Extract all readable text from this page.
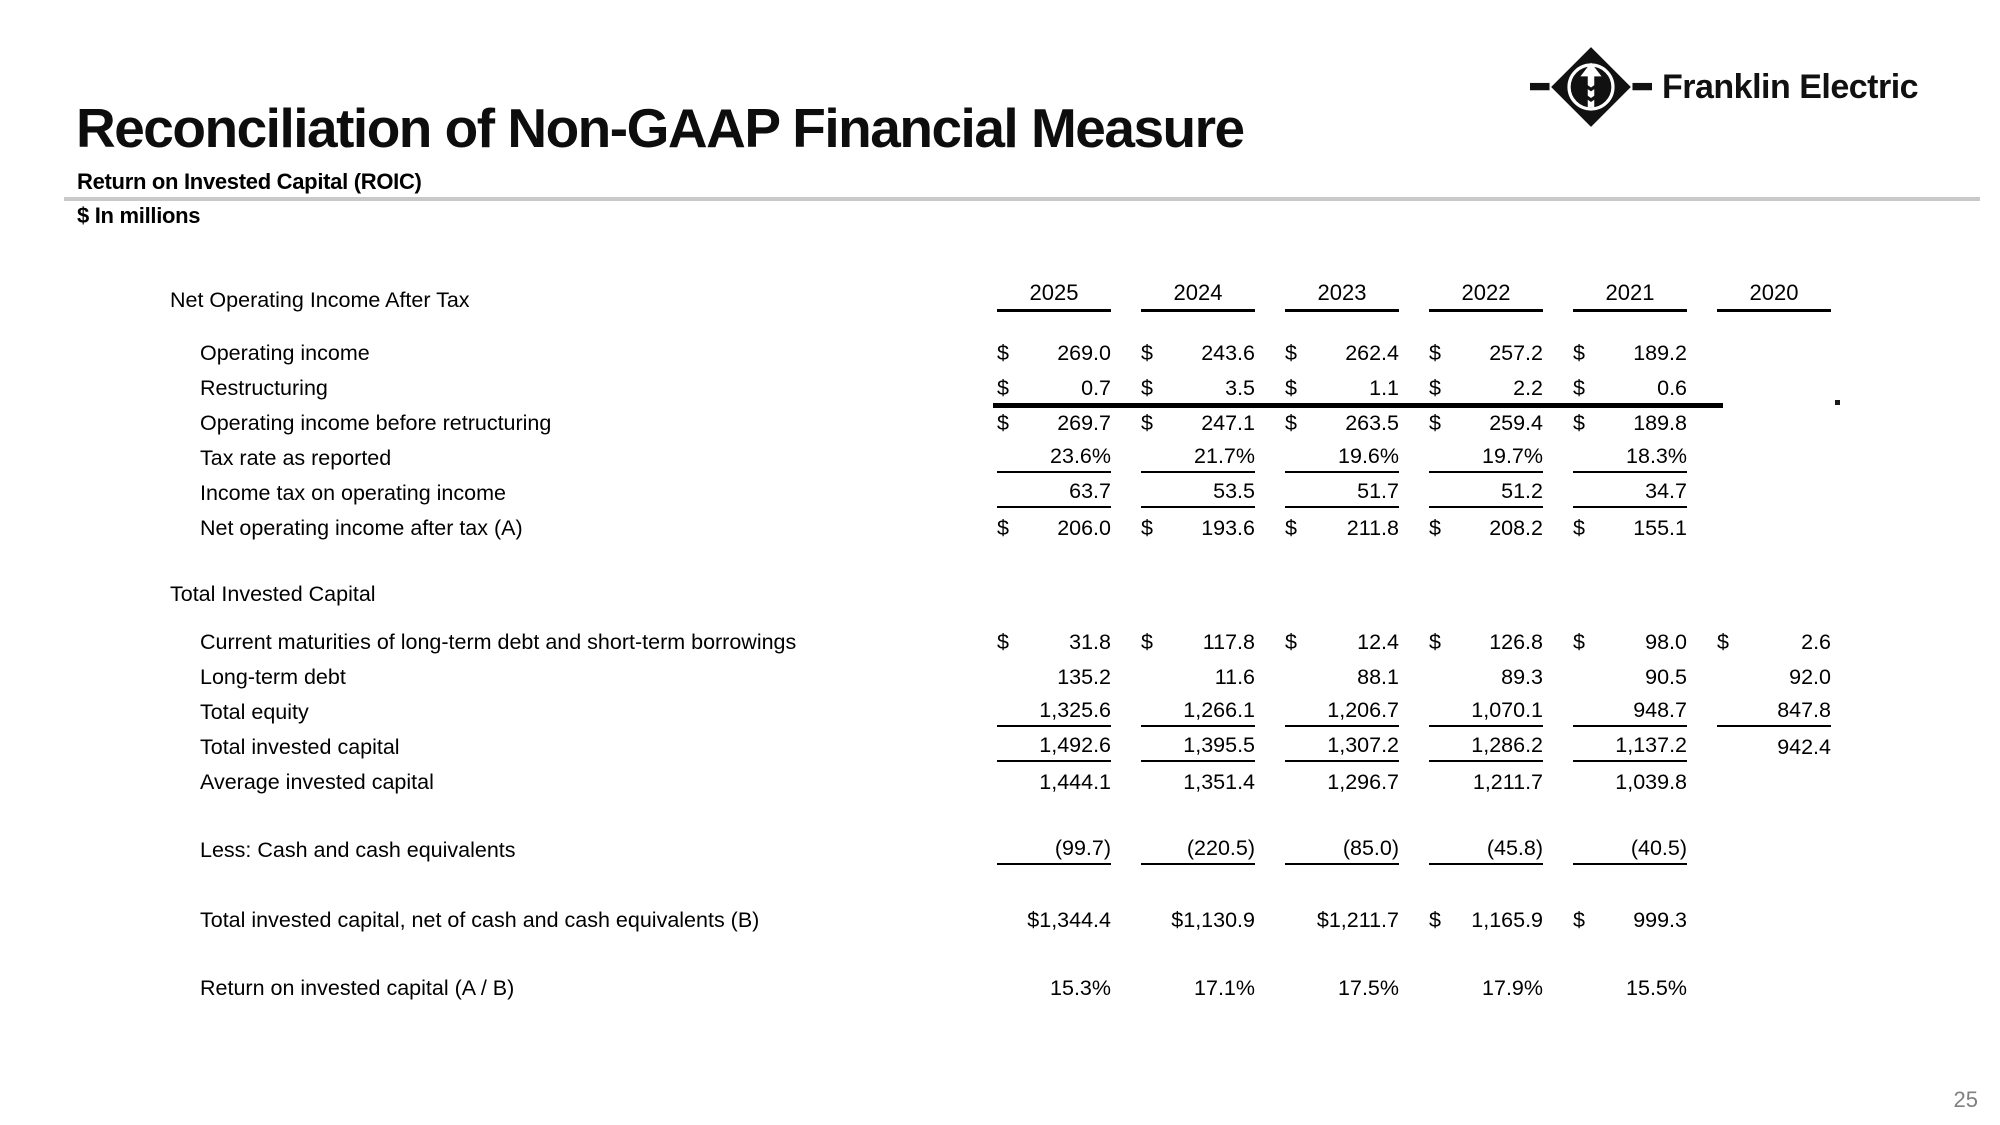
Reconciliation of Non-GAAP Financial Measure
Return on Invested Capital (ROIC)
$ In millions
Franklin Electric
Net Operating Income After Tax	2025	2024	2023	2022	2021	2020
Operating income	$ 269.0 $ 243.6 $ 262.4 $ 257.2 $ 189.2
Restructuring	$	0.7 $	3.5 $	1.1 $	2.2 $	0.6
Operating income before retructuring	$ 269.7 $ 247.1 $ 263.5 $ 259.4 $ 189.8
Tax rate as reported	23.6%	21.7%	19.6%	19.7%	18.3%
Income tax on operating income	63.7	53.5	51.7	51.2	34.7
Net operating income after tax (A)	$ 206.0 $ 193.6 $ 211.8 $ 208.2 $ 155.1
Total Invested Capital
Current maturities of long-term debt and short-term borrowings	$	31.8 $ 117.8 $	12.4 $ 126.8 $	98.0 $	2.6
Long-term debt	135.2	11.6	88.1	89.3	90.5	92.0
Total equity	1,325.6	1,266.1	1,206.7	1,070.1	948.7	847.8
Total invested capital	1,492.6	1,395.5	1,307.2	1,286.2	1,137.2	942.4
Average invested capital	1,444.1	1,351.4	1,296.7	1,211.7	1,039.8
Less: Cash and cash equivalents	(99.7)	(220.5)	(85.0)	(45.8)	(40.5)
Total invested capital, net of cash and cash equivalents (B)	$1,344.4	$1,130.9	$1,211.7 $ 1,165.9 $ 999.3
Return on invested capital (A / B)	15.3%	17.1%	17.5%	17.9%	15.5%
25
